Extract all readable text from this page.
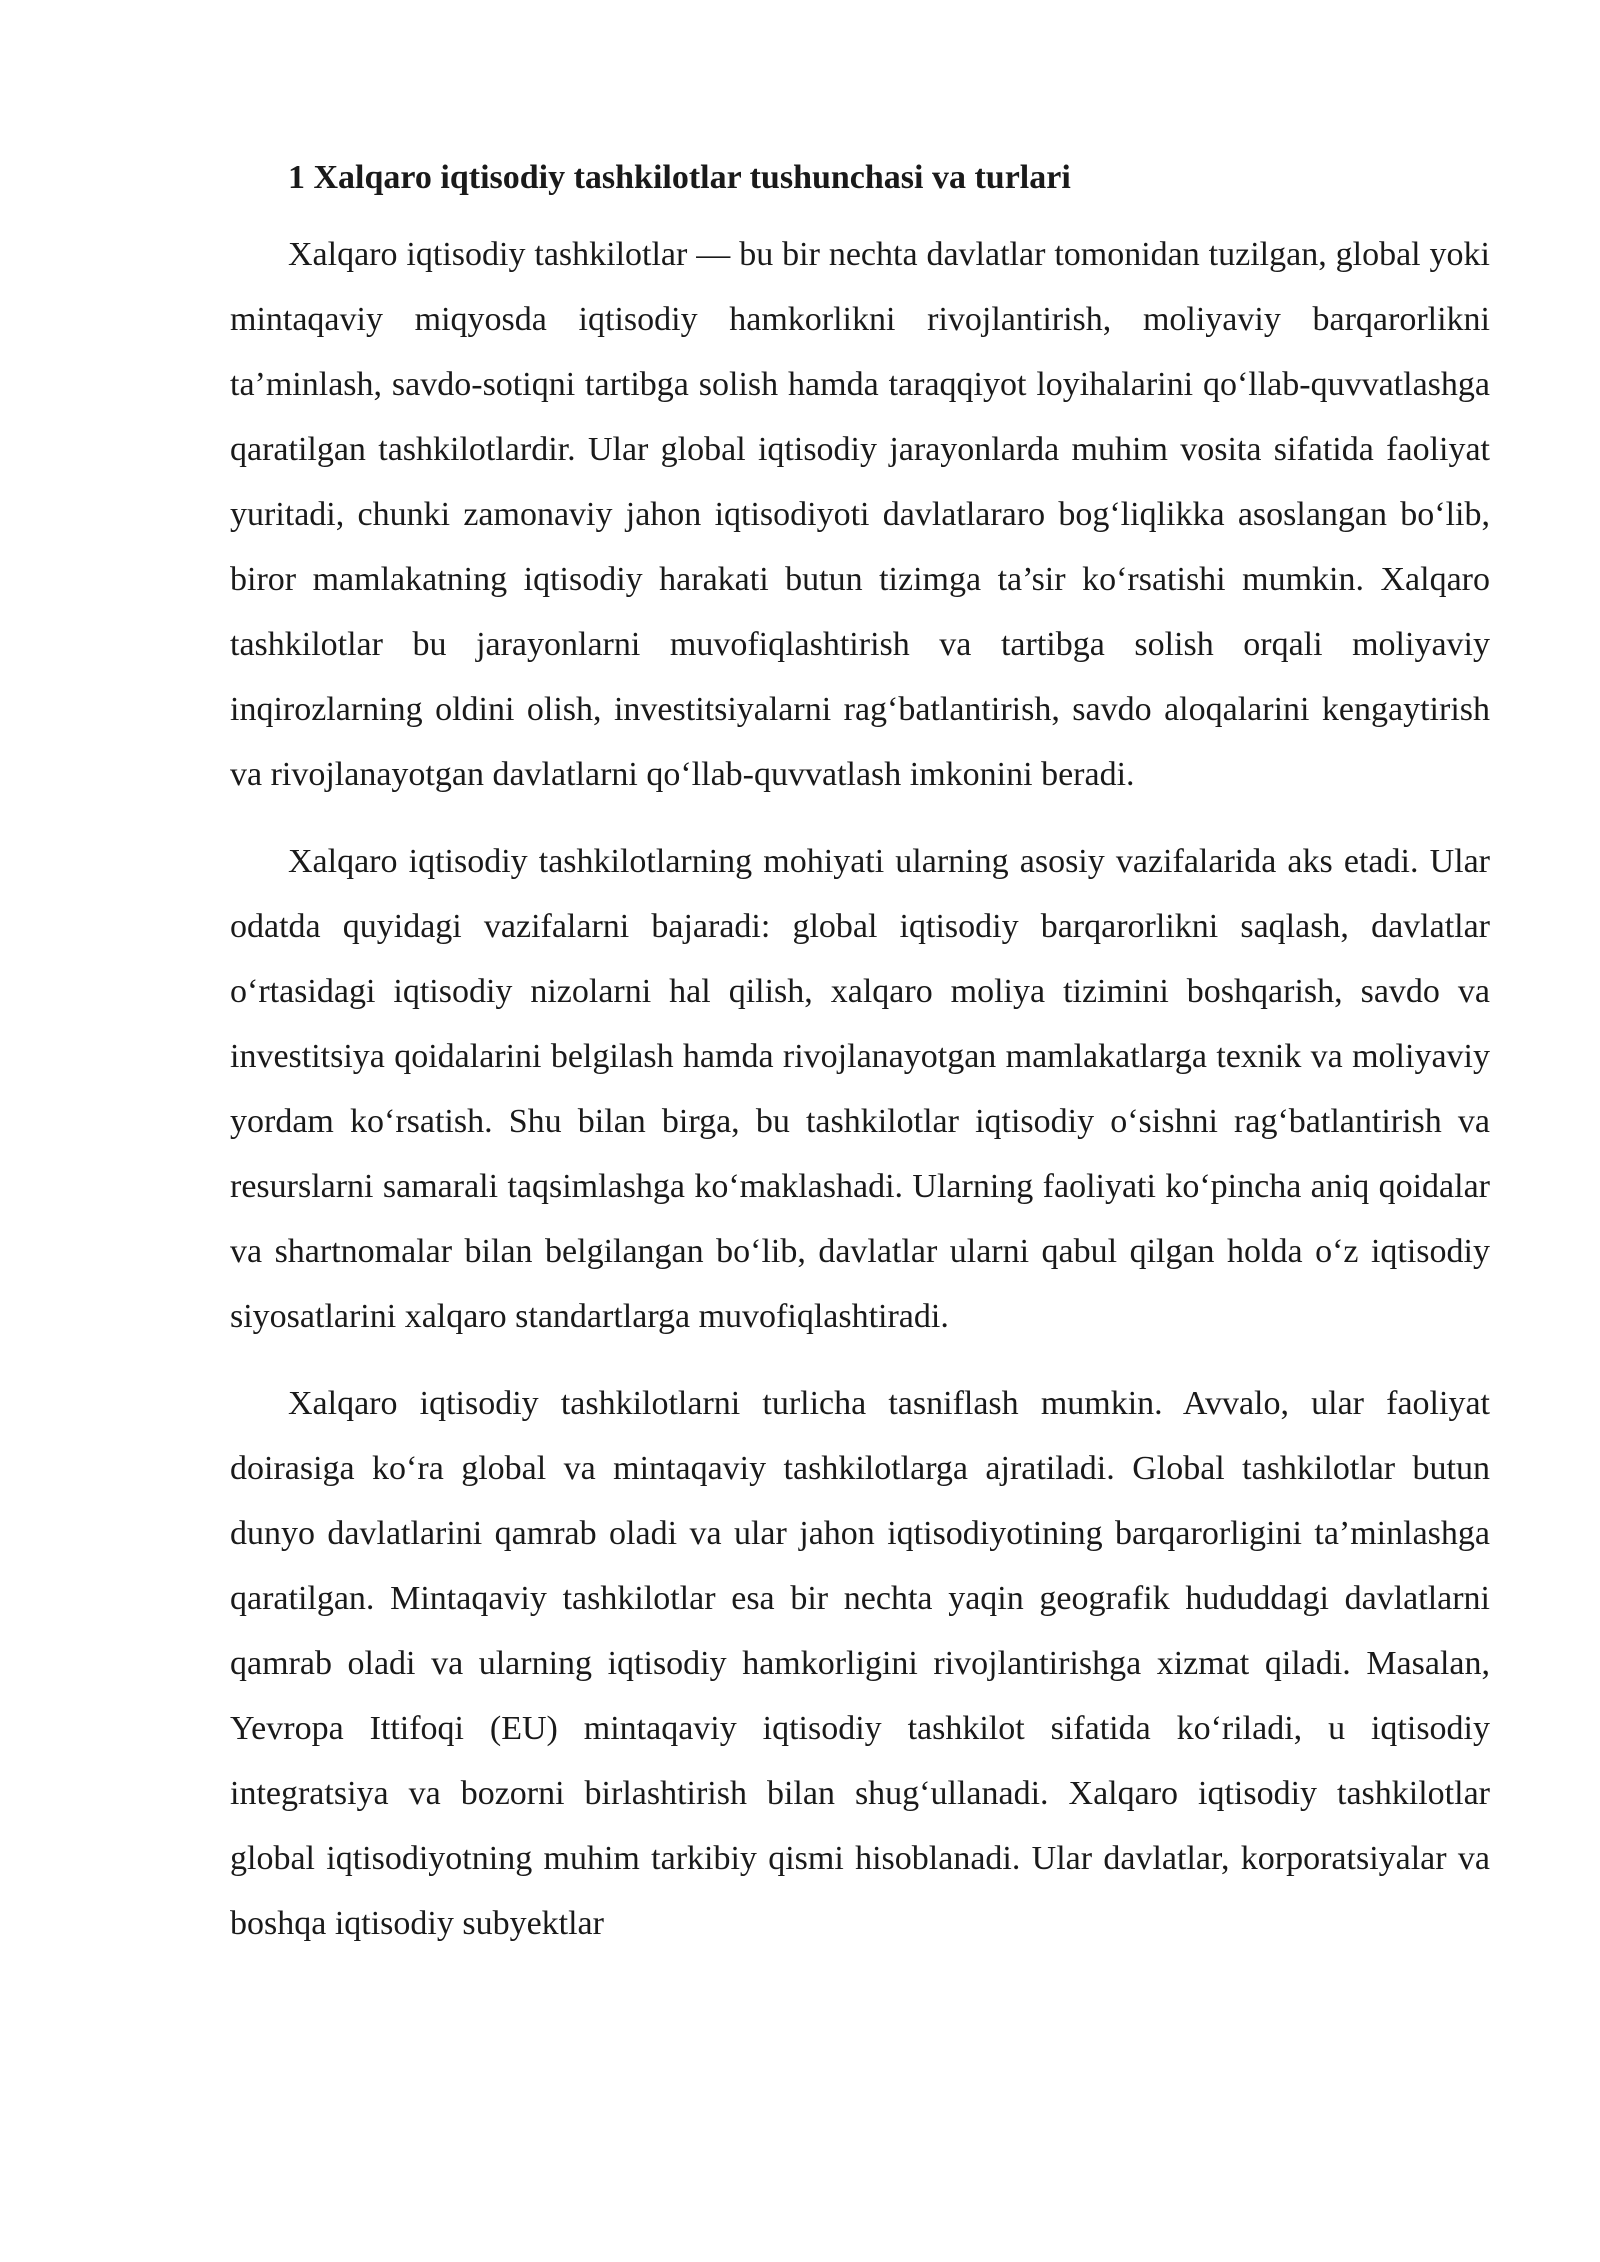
1 Xalqaro iqtisodiy tashkilotlar tushunchasi va turlari

Xalqaro iqtisodiy tashkilotlar — bu bir nechta davlatlar tomonidan tuzilgan, global yoki mintaqaviy miqyosda iqtisodiy hamkorlikni rivojlantirish, moliyaviy barqarorlikni ta’minlash, savdo-sotiqni tartibga solish hamda taraqqiyot loyihalarini qo‘llab-quvvatlashga qaratilgan tashkilotlardir. Ular global iqtisodiy jarayonlarda muhim vosita sifatida faoliyat yuritadi, chunki zamonaviy jahon iqtisodiyoti davlatlararo bog‘liqlikka asoslangan bo‘lib, biror mamlakatning iqtisodiy harakati butun tizimga ta’sir ko‘rsatishi mumkin. Xalqaro tashkilotlar bu jarayonlarni muvofiqlashtirish va tartibga solish orqali moliyaviy inqirozlarning oldini olish, investitsiyalarni rag‘batlantirish, savdo aloqalarini kengaytirish va rivojlanayotgan davlatlarni qo‘llab-quvvatlash imkonini beradi.

Xalqaro iqtisodiy tashkilotlarning mohiyati ularning asosiy vazifalarida aks etadi. Ular odatda quyidagi vazifalarni bajaradi: global iqtisodiy barqarorlikni saqlash, davlatlar o‘rtasidagi iqtisodiy nizolarni hal qilish, xalqaro moliya tizimini boshqarish, savdo va investitsiya qoidalarini belgilash hamda rivojlanayotgan mamlakatlarga texnik va moliyaviy yordam ko‘rsatish. Shu bilan birga, bu tashkilotlar iqtisodiy o‘sishni rag‘batlantirish va resurslarni samarali taqsimlashga ko‘maklashadi. Ularning faoliyati ko‘pincha aniq qoidalar va shartnomalar bilan belgilangan bo‘lib, davlatlar ularni qabul qilgan holda o‘z iqtisodiy siyosatlarini xalqaro standartlarga muvofiqlashtiradi.

Xalqaro iqtisodiy tashkilotlarni turlicha tasniflash mumkin. Avvalo, ular faoliyat doirasiga ko‘ra global va mintaqaviy tashkilotlarga ajratiladi. Global tashkilotlar butun dunyo davlatlarini qamrab oladi va ular jahon iqtisodiyotining barqarorligini ta’minlashga qaratilgan. Mintaqaviy tashkilotlar esa bir nechta yaqin geografik hududdagi davlatlarni qamrab oladi va ularning iqtisodiy hamkorligini rivojlantirishga xizmat qiladi. Masalan, Yevropa Ittifoqi (EU) mintaqaviy iqtisodiy tashkilot sifatida ko‘riladi, u iqtisodiy integratsiya va bozorni birlashtirish bilan shug‘ullanadi. Xalqaro iqtisodiy tashkilotlar global iqtisodiyotning muhim tarkibiy qismi hisoblanadi. Ular davlatlar, korporatsiyalar va boshqa iqtisodiy subyektlar
